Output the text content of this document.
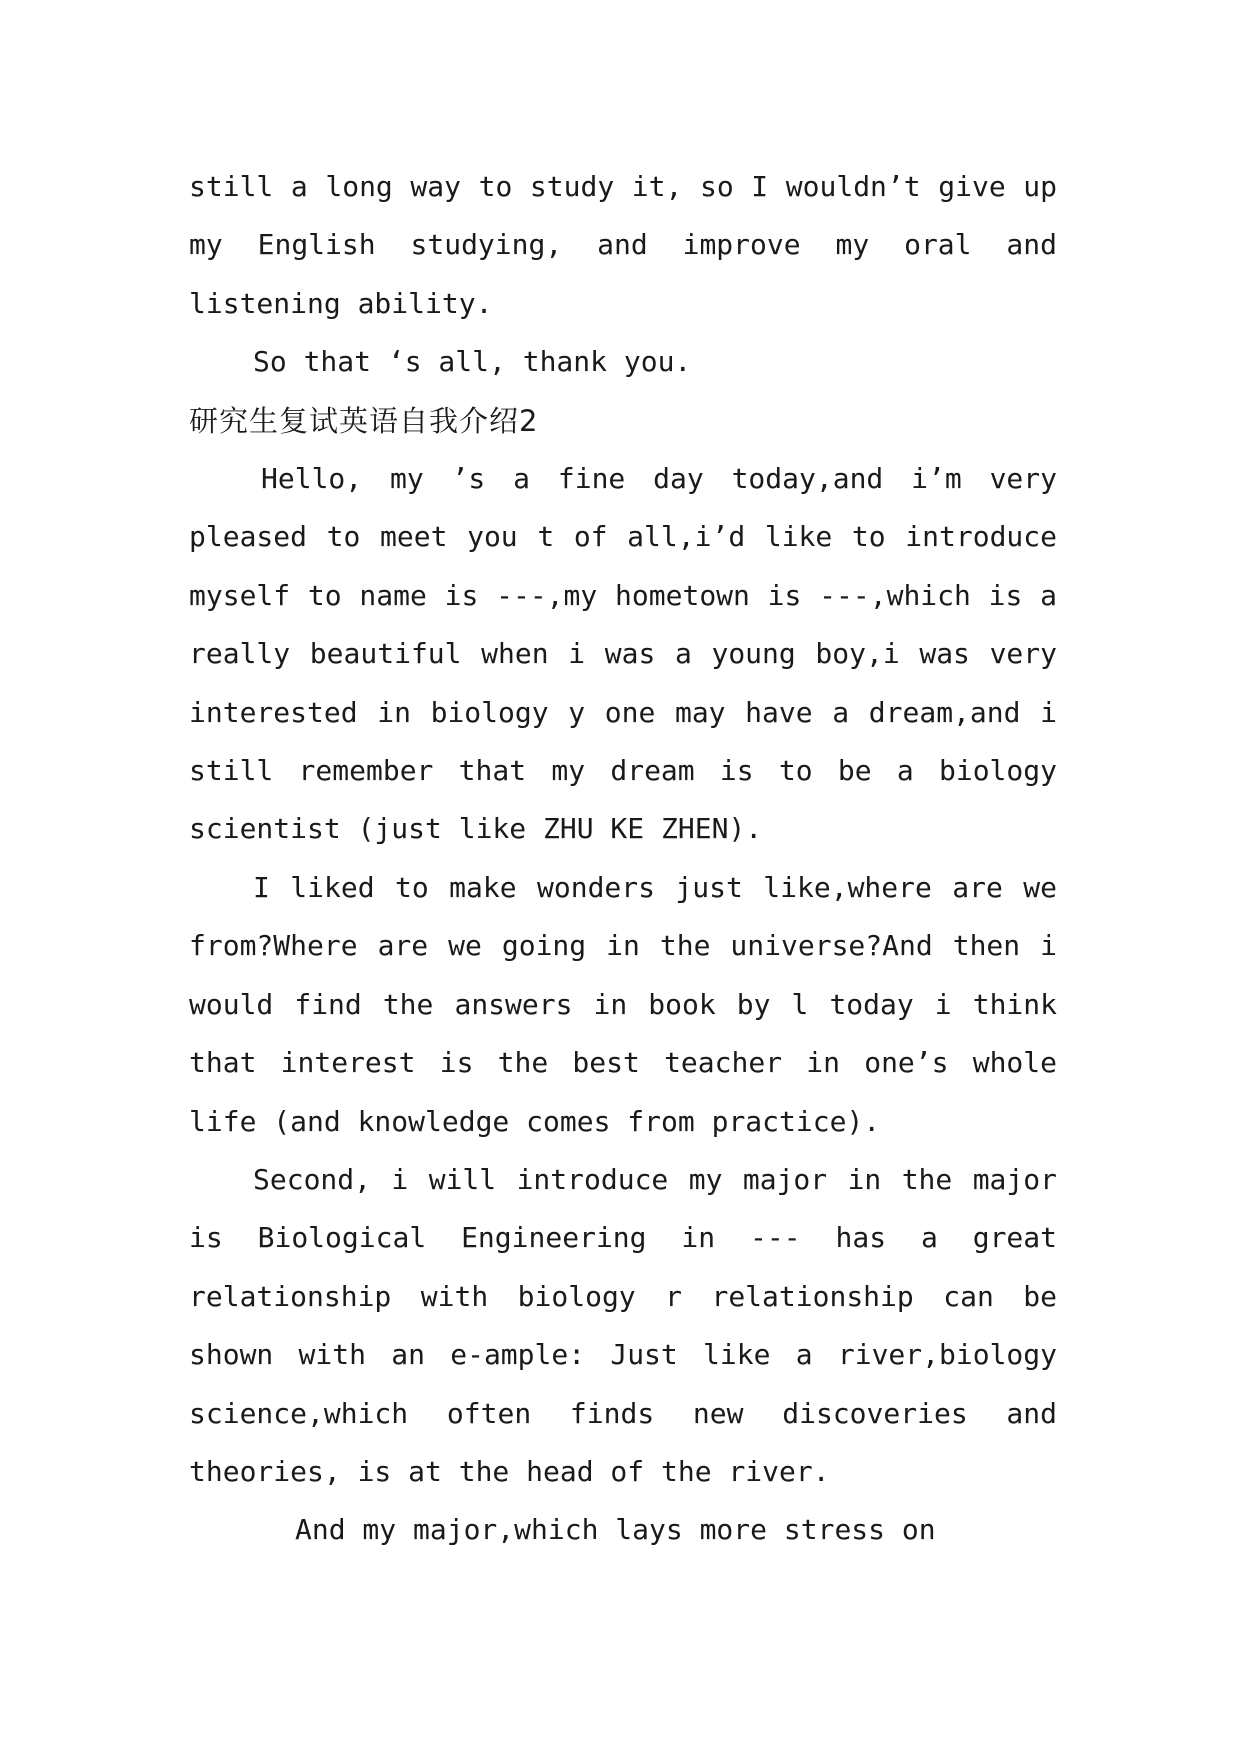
still a long way to study it, so I wouldn’t give up my English studying, and improve my oral and listening ability.

So that ‘s all, thank you.

研究生复试英语自我介绍2

Hello, my ’s a fine day today,and i’m very pleased to meet you t of all,i’d like to introduce myself to name is ---,my hometown is ---,which is a really beautiful when i was a young boy,i was very interested in biology y one may have a dream,and i still remember that my dream is to be a biology scientist (just like ZHU KE ZHEN).

I liked to make wonders just like,where are we from?Where are we going in the universe?And then i would find the answers in book by l today i think that interest is the best teacher in one’s whole life (and knowledge comes from practice).

Second, i will introduce my major in the major is Biological Engineering in --- has a great relationship with biology r relationship can be shown with an e-ample: Just like a river,biology science,which often finds new discoveries and theories, is at the head of the river.

And my major,which lays more stress on
